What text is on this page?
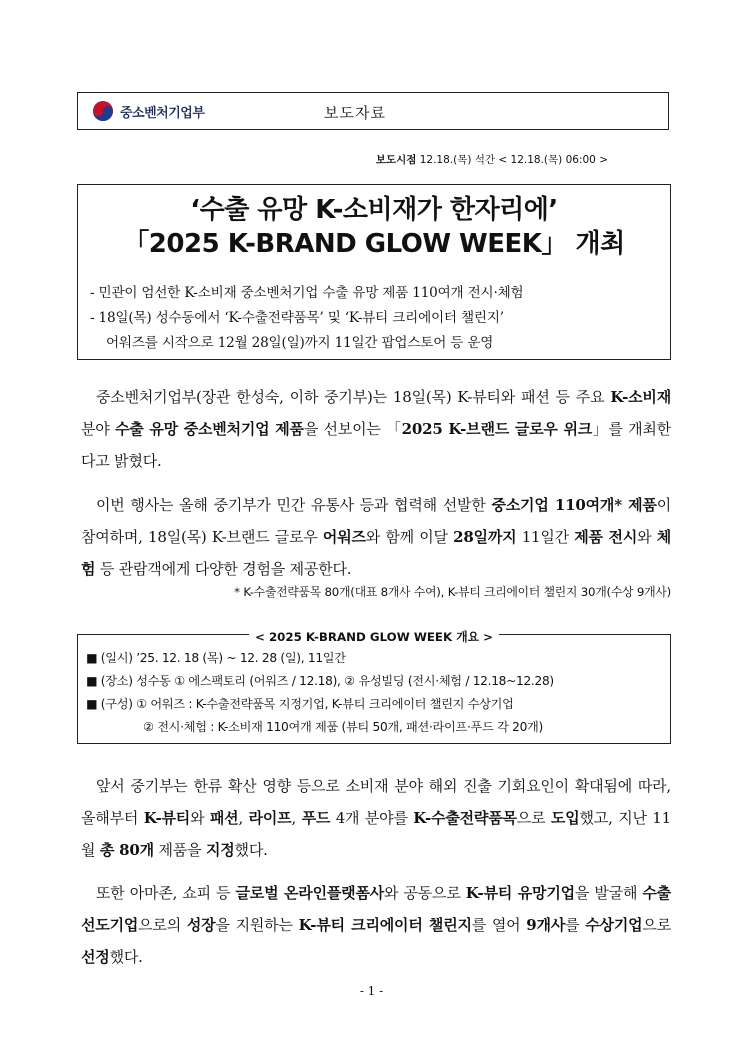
중소벤처기업부	보도자료
보도시점 12.18.(목) 석간 < 12.18.(목) 06:00 >
‘수출 유망 K-소비재가 한자리에’
「2025 K-BRAND GLOW WEEK」 개최
- 민관이 엄선한 K-소비재 중소벤처기업 수출 유망 제품 110여개 전시·체험
- 18일(목) 성수동에서 ‘K-수출전략품목’ 및 ‘K-뷰티 크리에이터 챌린지’
어워즈를 시작으로 12월 28일(일)까지 11일간 팝업스토어 등 운영
중소벤처기업부(장관 한성숙, 이하 중기부)는 18일(목) K-뷰티와 패션 등 주요 K-소비재 분야 수출 유망 중소벤처기업 제품을 선보이는 「2025 K-브랜드 글로우 위크」를 개최한다고 밝혔다.
이번 행사는 올해 중기부가 민간 유통사 등과 협력해 선발한 중소기업 110여개* 제품이 참여하며, 18일(목) K-브랜드 글로우 어워즈와 함께 이달 28일까지 11일간 제품 전시와 체험 등 관람객에게 다양한 경험을 제공한다.
* K-수출전략품목 80개(대표 8개사 수여), K-뷰티 크리에이터 챌린지 30개(수상 9개사)
< 2025 K-BRAND GLOW WEEK 개요 >
■ (일시) ’25. 12. 18 (목) ~ 12. 28 (일), 11일간
■ (장소) 성수동 ① 에스팩토리 (어워즈 / 12.18), ② 유성빌딩 (전시·체험 / 12.18~12.28)
■ (구성) ① 어워즈 : K-수출전략품목 지정기업, K-뷰티 크리에이터 챌린지 수상기업
② 전시·체험 : K-소비재 110여개 제품 (뷰티 50개, 패션·라이프·푸드 각 20개)
앞서 중기부는 한류 확산 영향 등으로 소비재 분야 해외 진출 기회요인이 확대됨에 따라, 올해부터 K-뷰티와 패션, 라이프, 푸드 4개 분야를 K-수출전략품목으로 도입했고, 지난 11월 총 80개 제품을 지정했다.
또한 아마존, 쇼피 등 글로벌 온라인플랫폼사와 공동으로 K-뷰티 유망기업을 발굴해 수출 선도기업으로의 성장을 지원하는 K-뷰티 크리에이터 챌린지를 열어 9개사를 수상기업으로 선정했다.
- 1 -
